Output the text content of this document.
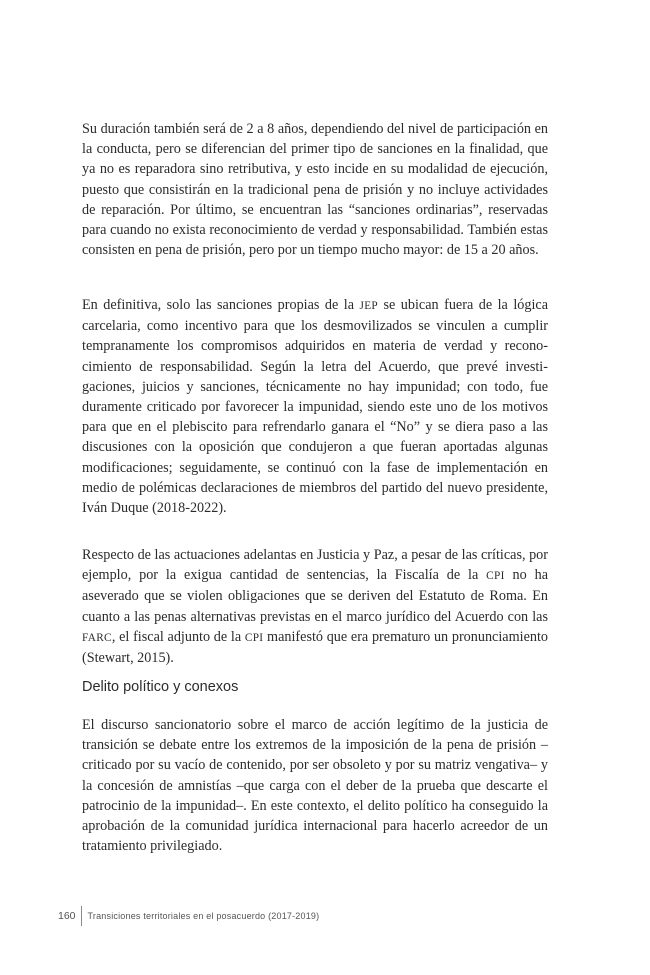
Su duración también será de 2 a 8 años, dependiendo del nivel de participación en la conducta, pero se diferencian del primer tipo de sanciones en la finalidad, que ya no es reparadora sino retributiva, y esto incide en su modalidad de ejecución, puesto que consistirán en la tradicional pena de prisión y no incluye actividades de reparación. Por último, se encuentran las “sanciones ordinarias”, reservadas para cuando no exista reconocimiento de verdad y responsabilidad. También estas consisten en pena de prisión, pero por un tiempo mucho mayor: de 15 a 20 años.

En definitiva, solo las sanciones propias de la JEP se ubican fuera de la lógica carcelaria, como incentivo para que los desmovilizados se vinculen a cumplir tempranamente los compromisos adquiridos en materia de verdad y reconocimiento de responsabilidad. Según la letra del Acuerdo, que prevé investigaciones, juicios y sanciones, técnicamente no hay impunidad; con todo, fue duramente criticado por favorecer la impunidad, siendo este uno de los motivos para que en el plebiscito para refrendarlo ganara el “No” y se diera paso a las discusiones con la oposición que condujeron a que fueran aportadas algunas modificaciones; seguidamente, se continuó con la fase de implementación en medio de polémicas declaraciones de miembros del partido del nuevo presidente, Iván Duque (2018-2022).

Respecto de las actuaciones adelantas en Justicia y Paz, a pesar de las críticas, por ejemplo, por la exigua cantidad de sentencias, la Fiscalía de la CPI no ha aseverado que se violen obligaciones que se deriven del Estatuto de Roma. En cuanto a las penas alternativas previstas en el marco jurídico del Acuerdo con las FARC, el fiscal adjunto de la CPI manifestó que era prematuro un pronunciamiento (Stewart, 2015).

Delito político y conexos

El discurso sancionatorio sobre el marco de acción legítimo de la justicia de transición se debate entre los extremos de la imposición de la pena de prisión –criticado por su vacío de contenido, por ser obsoleto y por su matriz vengativa– y la concesión de amnistías –que carga con el deber de la prueba que descarte el patrocinio de la impunidad–. En este contexto, el delito político ha conseguido la aprobación de la comunidad jurídica internacional para hacerlo acreedor de un tratamiento privilegiado.

160 Transiciones territoriales en el posacuerdo (2017-2019)
